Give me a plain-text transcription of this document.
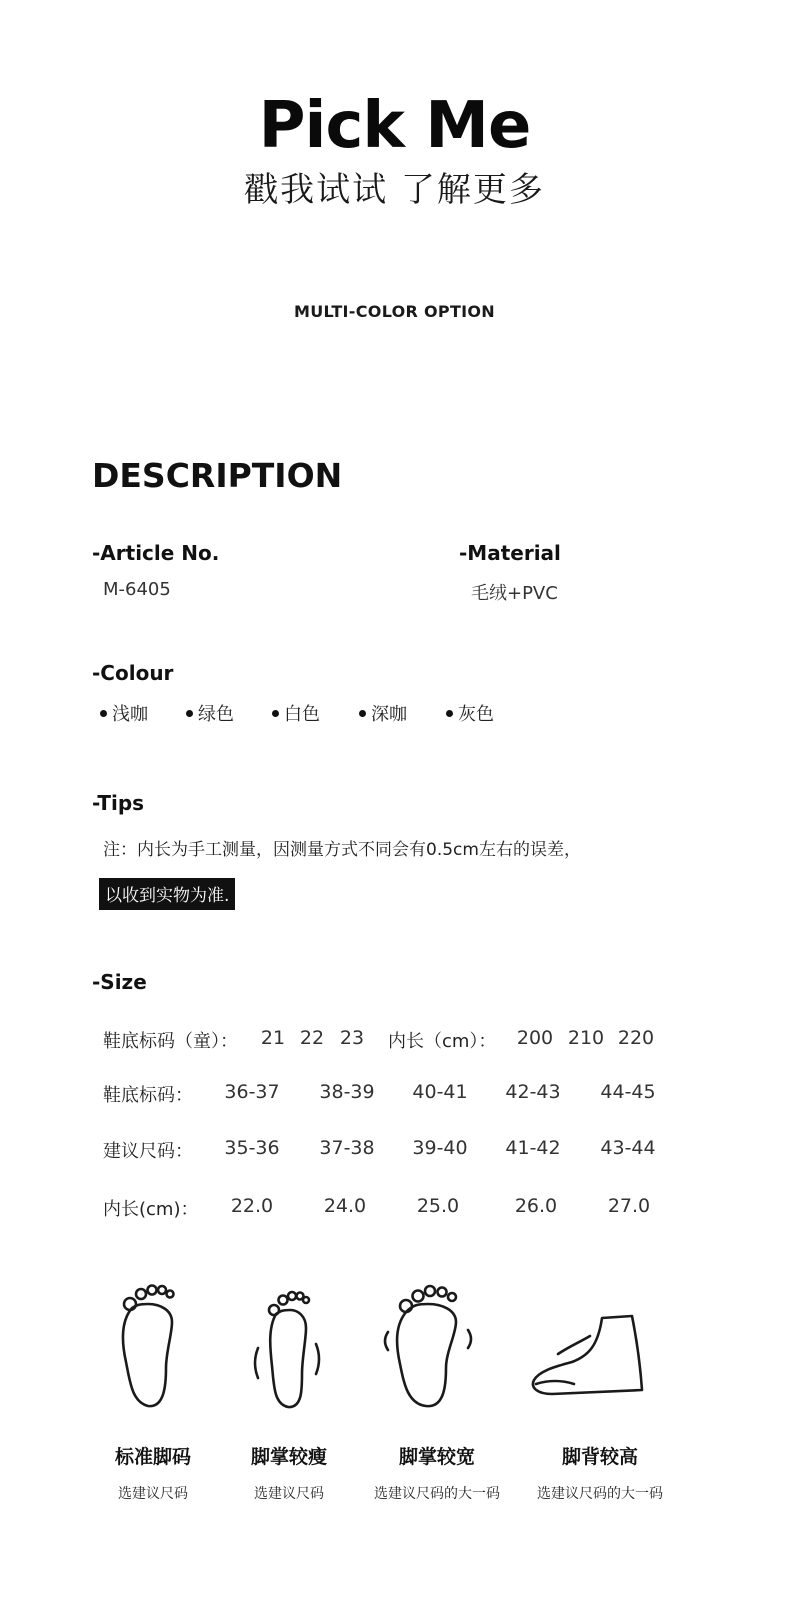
Pick Me
戳我试试 了解更多
MULTI-COLOR OPTION
DESCRIPTION
-Article No.
M-6405
-Material
毛绒+PVC
-Colour
浅咖	绿色	白色	深咖	灰色
-Tips
注：内长为手工测量，因测量方式不同会有0.5cm左右的误差，
以收到实物为准.
-Size
鞋底标码（童）： 21 22 23 内长（cm）： 200 210 220
鞋底标码：	36-37	38-39	40-41	42-43	44-45
建议尺码：	35-36	37-38	39-40	41-42	43-44
内长(cm)：	22.0	24.0	25.0	26.0	27.0
标准脚码
选建议尺码
脚掌较瘦
选建议尺码
脚掌较宽
选建议尺码的大一码
脚背较高
选建议尺码的大一码
